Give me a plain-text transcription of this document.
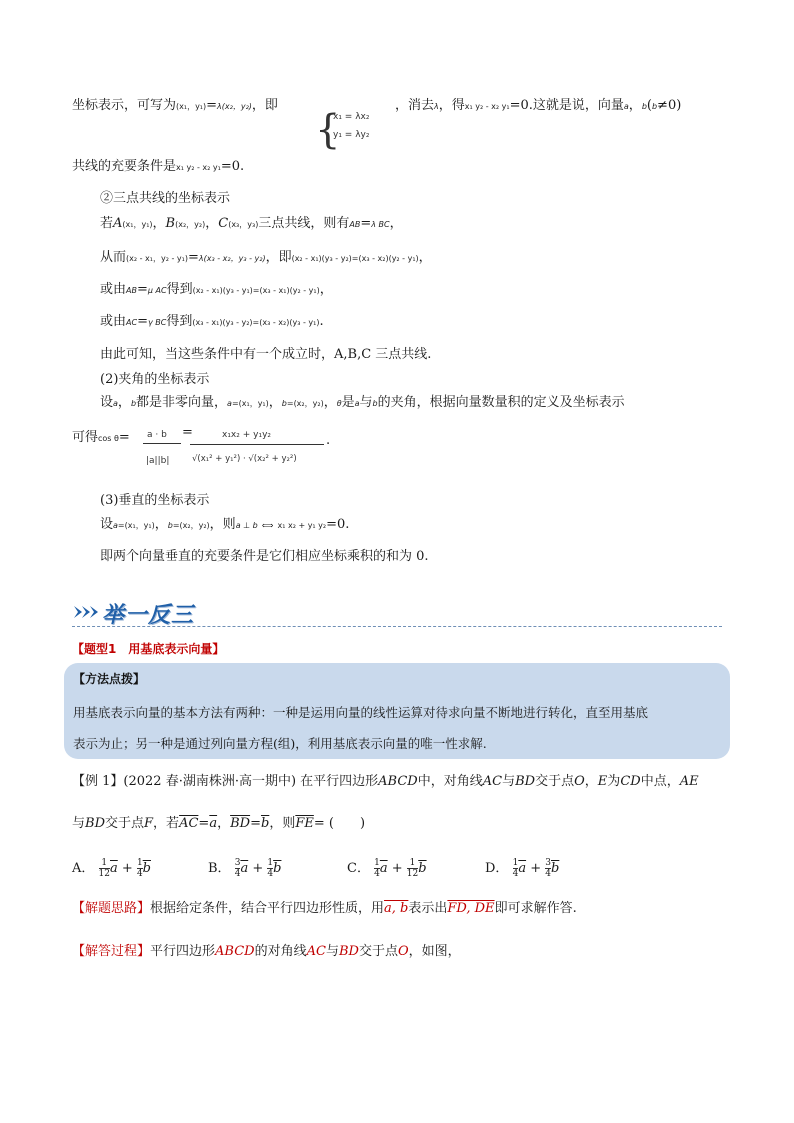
坐标表示，可写为(x₁，y₁)=λ(x₂，y₂)，即
{
x₁ = λx₂
y₁ = λy₂
，消去λ，得x₁ y₂ - x₂ y₁=0.这就是说，向量a，b(b≠0)
共线的充要条件是x₁ y₂ - x₂ y₁=0.
②三点共线的坐标表示
若A(x₁，y₁)，B(x₂，y₂)，C(x₃，y₃)三点共线，则有AB=λ BC，
从而(x₂ - x₁，y₂ - y₁)=λ(x₃ - x₂，y₃ - y₂)，即(x₂ - x₁)(y₃ - y₂)=(x₃ - x₂)(y₂ - y₁)，
或由AB=μ AC得到(x₂ - x₁)(y₃ - y₁)=(x₃ - x₁)(y₂ - y₁)，
或由AC=γ BC得到(x₃ - x₁)(y₃ - y₂)=(x₃ - x₂)(y₃ - y₁).
由此可知，当这些条件中有一个成立时，A,B,C 三点共线.
(2)夹角的坐标表示
设a，b都是非零向量，a=(x₁，y₁)，b=(x₂，y₂)，θ是a与b的夹角，根据向量数量积的定义及坐标表示
可得cos θ= a · b
|a||b|
=	x₁x₂ + y₁y₂
√(x₁² + y₁²) · √(x₂² + y₂²)
.
(3)垂直的坐标表示
设a=(x₁，y₁)，b=(x₂，y₂)，则a ⊥ b ⟺ x₁ x₂ + y₁ y₂=0.
即两个向量垂直的充要条件是它们相应坐标乘积的和为 0.
举一反三
【题型1　用基底表示向量】
【方法点拨】
用基底表示向量的基本方法有两种：一种是运用向量的线性运算对待求向量不断地进行转化，直至用基底
表示为止；另一种是通过列向量方程(组)，利用基底表示向量的唯一性求解.
【例 1】(2022 春·湖南株洲·高一期中) 在平行四边形ABCD中，对角线AC与BD交于点O，E为CD中点，AE
与BD交于点F，若$\overline{AC}=\overline{a}$，$\overline{BD}=\overline{b}$，则$\overline{FE}=$ (　　)
A． $\frac{1}{12} \overline{a} + \frac{1}{4} \overline{b}$	B． $\frac{3}{4} \overline{a} + \frac{1}{4} \overline{b}$	C． $\frac{1}{4} \overline{a} + \frac{1}{12} \overline{b}$	D． $\frac{1}{4} \overline{a} + \frac{3}{4} \overline{b}$
【解题思路】根据给定条件，结合平行四边形性质，用a, b表示出FD, DE即可求解作答.
【解答过程】平行四边形ABCD的对角线AC与BD交于点O，如图，
